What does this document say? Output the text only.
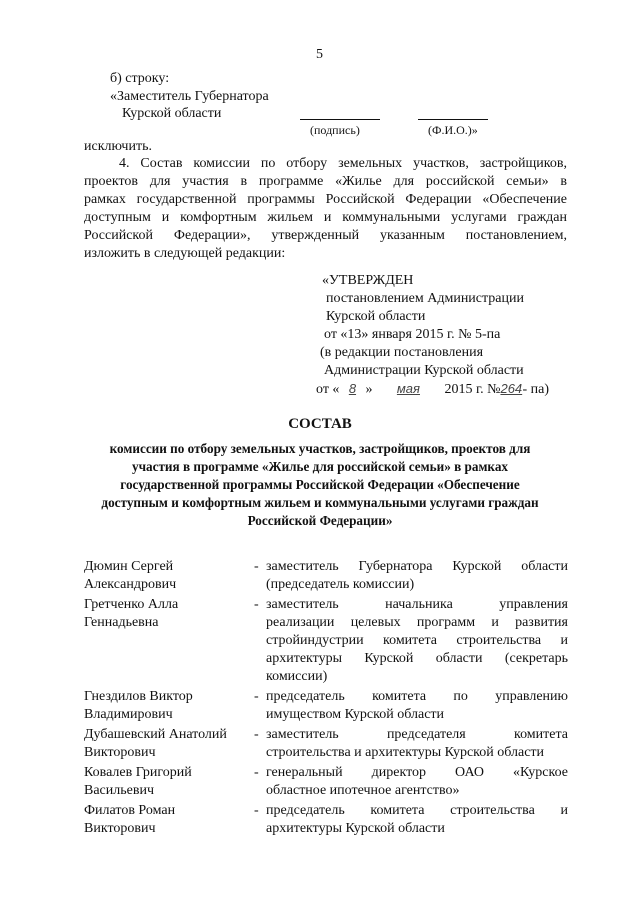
5
б) строку:
«Заместитель Губернатора
Курской области
(подпись)	(Ф.И.О.)»
исключить.
4. Состав комиссии по отбору земельных участков, застройщиков,
проектов для участия в программе «Жилье для российской семьи» в
рамках государственной программы Российской Федерации «Обеспечение
доступным и комфортным жильем и коммунальными услугами граждан
Российской Федерации», утвержденный указанным постановлением,
изложить в следующей редакции:
«УТВЕРЖДЕН
постановлением Администрации
Курской области
от «13» января 2015 г. № 5-па
(в редакции постановления
Администрации Курской области
от « 8 » мая 2015 г. №264- па)
СОСТАВ
комиссии по отбору земельных участков, застройщиков, проектов для
участия в программе «Жилье для российской семьи» в рамках
государственной программы Российской Федерации «Обеспечение
доступным и комфортным жильем и коммунальными услугами граждан
Российской Федерации»
Дюмин Сергей
Александрович
- заместитель Губернатора Курской области
(председатель комиссии)
Гретченко Алла
Геннадьевна
- заместитель начальника управления
реализации целевых программ и развития
стройиндустрии комитета строительства и
архитектуры Курской области (секретарь
комиссии)
Гнездилов Виктор
Владимирович
- председатель комитета по управлению
имуществом Курской области
Дубашевский Анатолий
Викторович
- заместитель председателя комитета
строительства и архитектуры Курской области
Ковалев Григорий
Васильевич
- генеральный директор ОАО «Курское
областное ипотечное агентство»
Филатов Роман
Викторович
- председатель комитета строительства и
архитектуры Курской области
